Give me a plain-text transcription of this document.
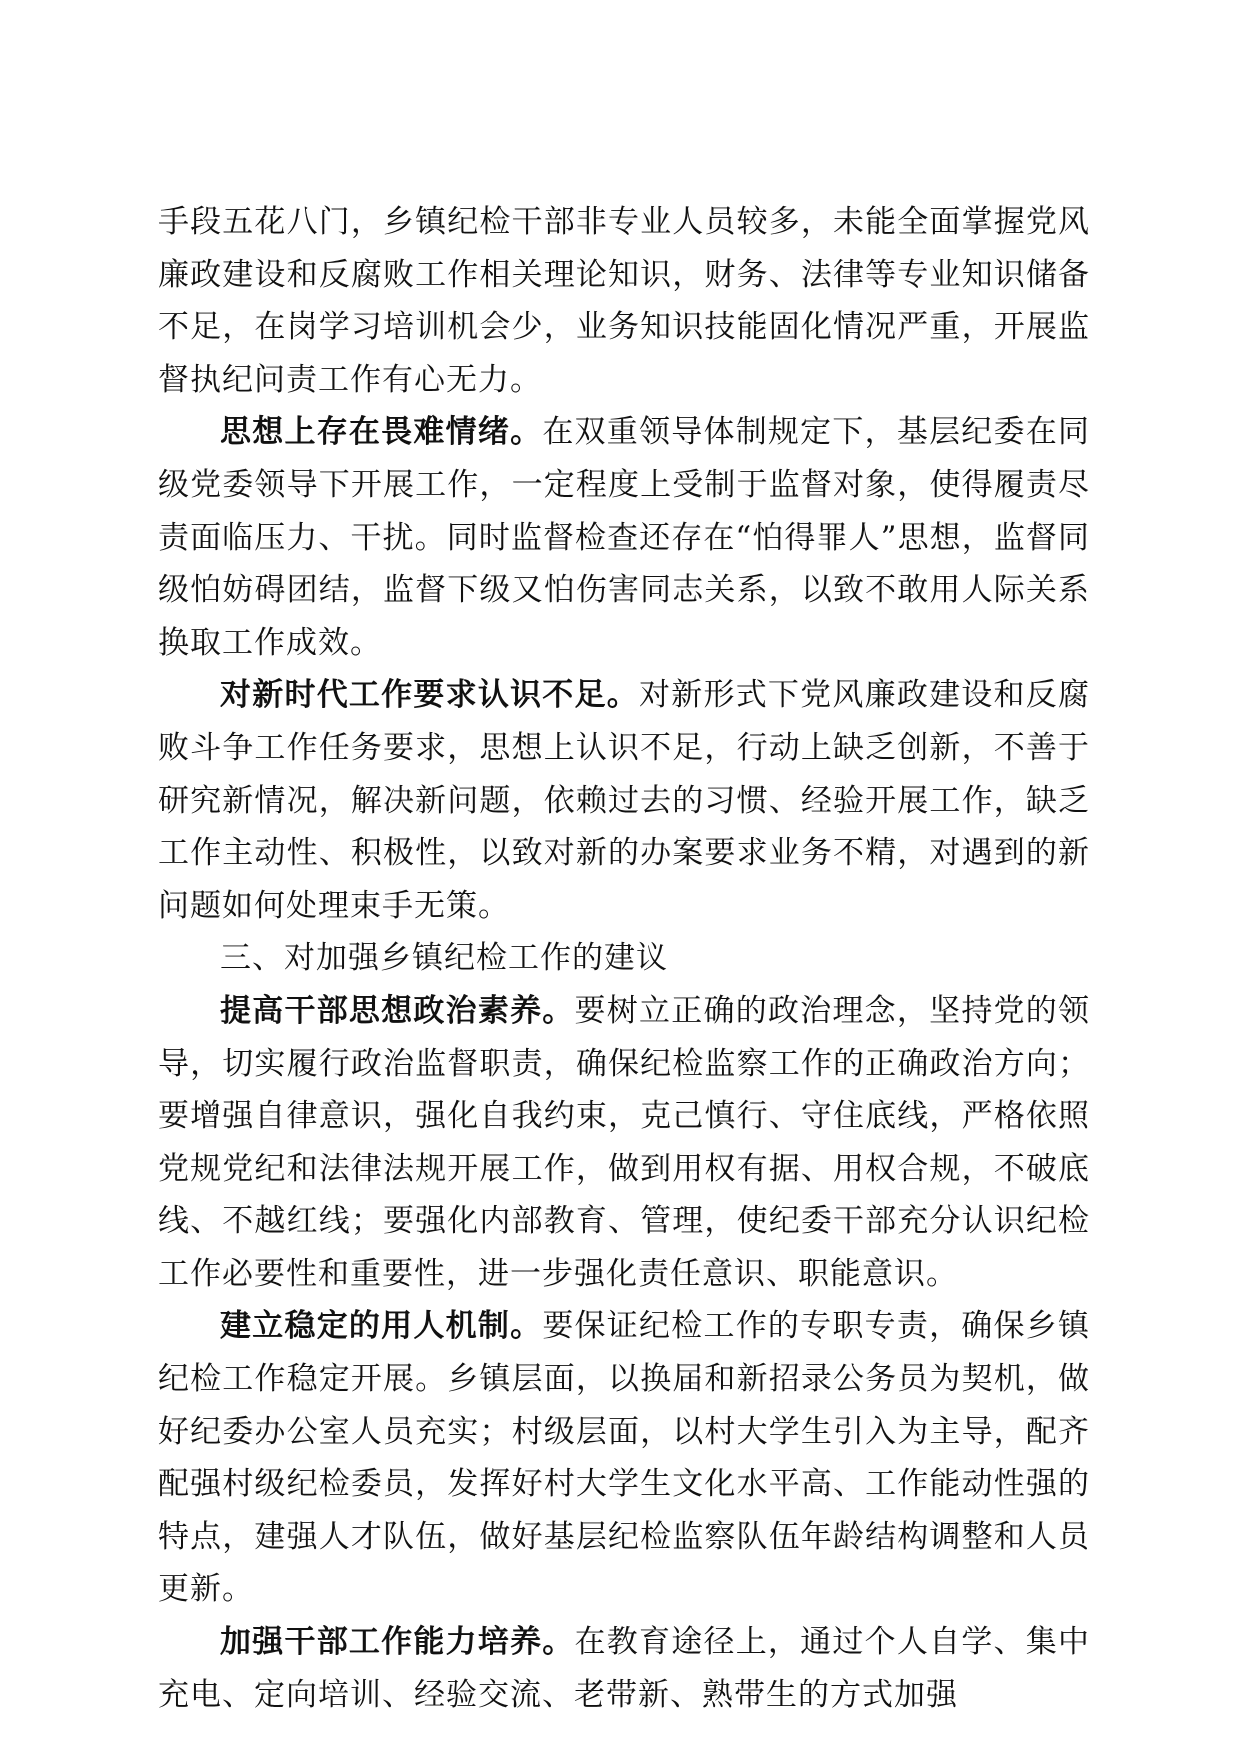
手段五花八门，乡镇纪检干部非专业人员较多，未能全面掌握党风廉政建设和反腐败工作相关理论知识，财务、法律等专业知识储备不足，在岗学习培训机会少，业务知识技能固化情况严重，开展监督执纪问责工作有心无力。

思想上存在畏难情绪。在双重领导体制规定下，基层纪委在同级党委领导下开展工作，一定程度上受制于监督对象，使得履责尽责面临压力、干扰。同时监督检查还存在“怕得罪人”思想，监督同级怕妨碍团结，监督下级又怕伤害同志关系，以致不敢用人际关系换取工作成效。

对新时代工作要求认识不足。对新形式下党风廉政建设和反腐败斗争工作任务要求，思想上认识不足，行动上缺乏创新，不善于研究新情况，解决新问题，依赖过去的习惯、经验开展工作，缺乏工作主动性、积极性，以致对新的办案要求业务不精，对遇到的新问题如何处理束手无策。

三、对加强乡镇纪检工作的建议

提高干部思想政治素养。要树立正确的政治理念，坚持党的领导，切实履行政治监督职责，确保纪检监察工作的正确政治方向；要增强自律意识，强化自我约束，克己慎行、守住底线，严格依照党规党纪和法律法规开展工作，做到用权有据、用权合规，不破底线、不越红线；要强化内部教育、管理，使纪委干部充分认识纪检工作必要性和重要性，进一步强化责任意识、职能意识。

建立稳定的用人机制。要保证纪检工作的专职专责，确保乡镇纪检工作稳定开展。乡镇层面，以换届和新招录公务员为契机，做好纪委办公室人员充实；村级层面，以村大学生引入为主导，配齐配强村级纪检委员，发挥好村大学生文化水平高、工作能动性强的特点，建强人才队伍，做好基层纪检监察队伍年龄结构调整和人员更新。

加强干部工作能力培养。在教育途径上，通过个人自学、集中充电、定向培训、经验交流、老带新、熟带生的方式加强
